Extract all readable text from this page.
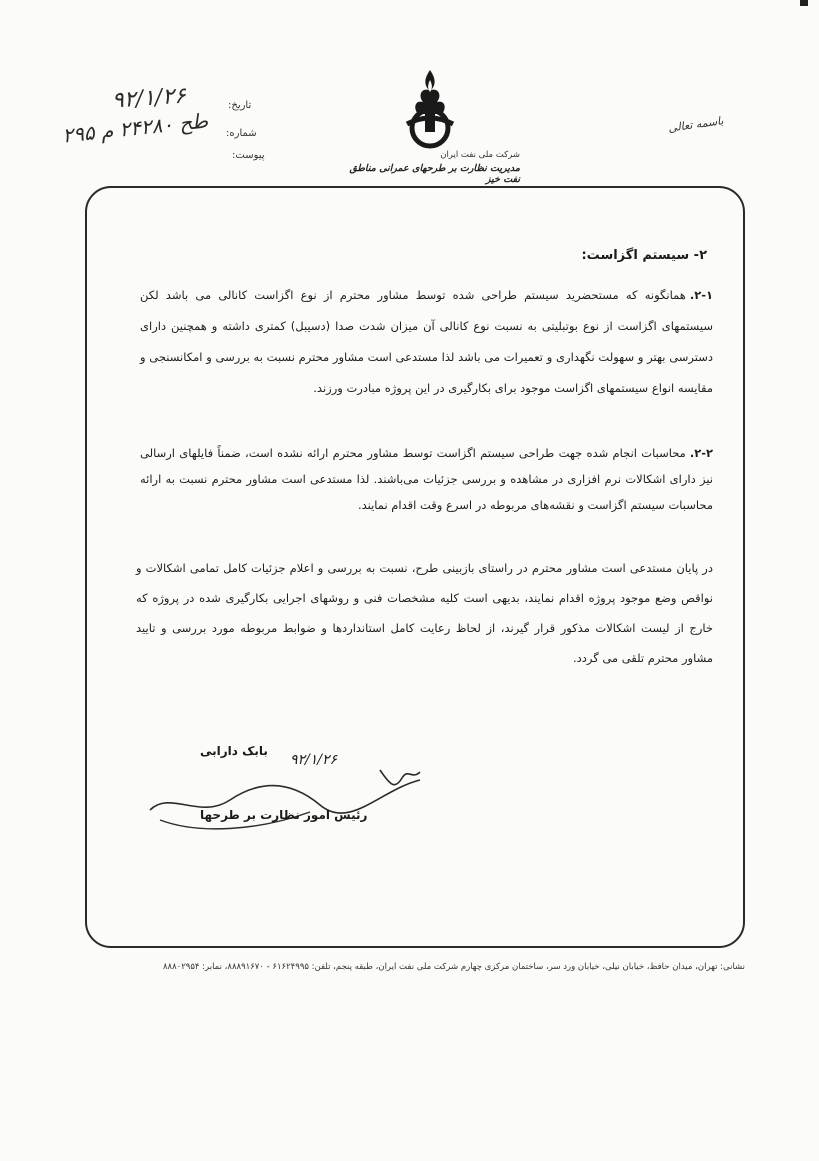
شرکت ملی نفت ایران
مدیریت نظارت بر طرحهای عمرانی مناطق نفت خیز
تاریخ:
شماره:
پیوست:
۹۲/۱/۲۶
طح ۲۴۲۸۰ م ۲۹۵	باسمه تعالی
۲- سیستم اگزاست:
۲-۱.همانگونه که مستحضرید سیستم طراحی شده توسط مشاور محترم از نوع اگزاست کانالی می باشد لکن سیستمهای اگزاست از نوع بوتبلیتی به نسبت نوع کانالی آن میزان شدت صدا (دسیبل) کمتری داشته و همچنین دارای دسترسی بهتر و سهولت نگهداری و تعمیرات می باشد لذا مستدعی است مشاور محترم نسبت به بررسی و امکانسنجی و مقایسه انواع سیستمهای اگزاست موجود برای بکارگیری در این پروژه مبادرت ورزند.
۲-۲.محاسبات انجام شده جهت طراحی سیستم اگزاست توسط مشاور محترم ارائه نشده است، ضمناً فایلهای ارسالی نیز دارای اشکالات نرم افزاری در مشاهده و بررسی جزئیات می‌باشند. لذا مستدعی است مشاور محترم نسبت به ارائه محاسبات سیستم اگزاست و نقشه‌های مربوطه در اسرع وقت اقدام نمایند.
در پایان مستدعی است مشاور محترم در راستای بازبینی طرح، نسبت به بررسی و اعلام جزئیات کامل تمامی اشکالات و نواقص وضع موجود پروژه اقدام نمایند، بدیهی است کلیه مشخصات فنی و روشهای اجرایی بکارگیری شده در پروژه که خارج از لیست اشکالات مذکور قرار گیرند، از لحاظ رعایت کامل استانداردها و ضوابط مربوطه مورد بررسی و تایید مشاور محترم تلقی می گردد.
بابک دارابی
۹۲/۱/۲۶
رئیس امور نظارت بر طرحها
نشانی: تهران، میدان حافظ، خیابان نیلی، خیابان ورد سر، ساختمان مرکزی چهارم شرکت ملی نفت ایران، طبقه پنجم، تلفن: ۶۱۶۲۴۹۹۵ - ۸۸۸۹۱۶۷۰، نمابر: ۸۸۸۰۲۹۵۴
